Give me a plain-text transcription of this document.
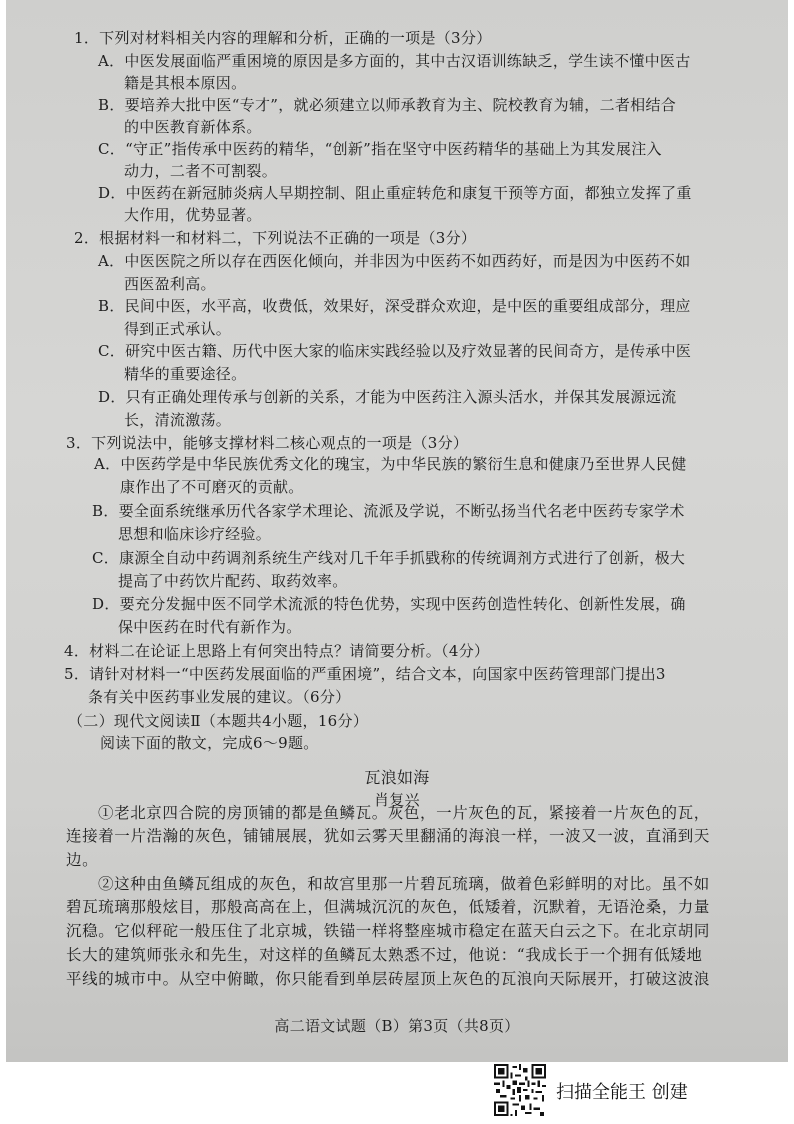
1．下列对材料相关内容的理解和分析，正确的一项是（3分）
A．中医发展面临严重困境的原因是多方面的，其中古汉语训练缺乏，学生读不懂中医古
籍是其根本原因。
B．要培养大批中医“专才”，就必须建立以师承教育为主、院校教育为辅，二者相结合
的中医教育新体系。
C．“守正”指传承中医药的精华，“创新”指在坚守中医药精华的基础上为其发展注入
动力，二者不可割裂。
D．中医药在新冠肺炎病人早期控制、阻止重症转危和康复干预等方面，都独立发挥了重
大作用，优势显著。
2．根据材料一和材料二，下列说法不正确的一项是（3分）
A．中医医院之所以存在西医化倾向，并非因为中医药不如西药好，而是因为中医药不如
西医盈利高。
B．民间中医，水平高，收费低，效果好，深受群众欢迎，是中医的重要组成部分，理应
得到正式承认。
C．研究中医古籍、历代中医大家的临床实践经验以及疗效显著的民间奇方，是传承中医
精华的重要途径。
D．只有正确处理传承与创新的关系，才能为中医药注入源头活水，并保其发展源远流
长，清流激荡。
3．下列说法中，能够支撑材料二核心观点的一项是（3分）
A．中医药学是中华民族优秀文化的瑰宝，为中华民族的繁衍生息和健康乃至世界人民健
康作出了不可磨灭的贡献。
B．要全面系统继承历代各家学术理论、流派及学说，不断弘扬当代名老中医药专家学术
思想和临床诊疗经验。
C．康源全自动中药调剂系统生产线对几千年手抓戥称的传统调剂方式进行了创新，极大
提高了中药饮片配药、取药效率。
D．要充分发掘中医不同学术流派的特色优势，实现中医药创造性转化、创新性发展，确
保中医药在时代有新作为。
4．材料二在论证上思路上有何突出特点？请简要分析。（4分）
5．请针对材料一“中医药发展面临的严重困境”，结合文本，向国家中医药管理部门提出3
条有关中医药事业发展的建议。（6分）
（二）现代文阅读Ⅱ（本题共4小题，16分）
阅读下面的散文，完成6～9题。
瓦浪如海
肖复兴
①老北京四合院的房顶铺的都是鱼鳞瓦。灰色，一片灰色的瓦，紧接着一片灰色的瓦，
连接着一片浩瀚的灰色，铺铺展展，犹如云雾天里翻涌的海浪一样，一波又一波，直涌到天
边。
②这种由鱼鳞瓦组成的灰色，和故宫里那一片碧瓦琉璃，做着色彩鲜明的对比。虽不如
碧瓦琉璃那般炫目，那般高高在上，但满城沉沉的灰色，低矮着，沉默着，无语沧桑，力量
沉稳。它似秤砣一般压住了北京城，铁锚一样将整座城市稳定在蓝天白云之下。在北京胡同
长大的建筑师张永和先生，对这样的鱼鳞瓦太熟悉不过，他说：“我成长于一个拥有低矮地
平线的城市中。从空中俯瞰，你只能看到单层砖屋顶上灰色的瓦浪向天际展开，打破这波浪
高二语文试题（B）第3页（共8页）
扫描全能王 创建
